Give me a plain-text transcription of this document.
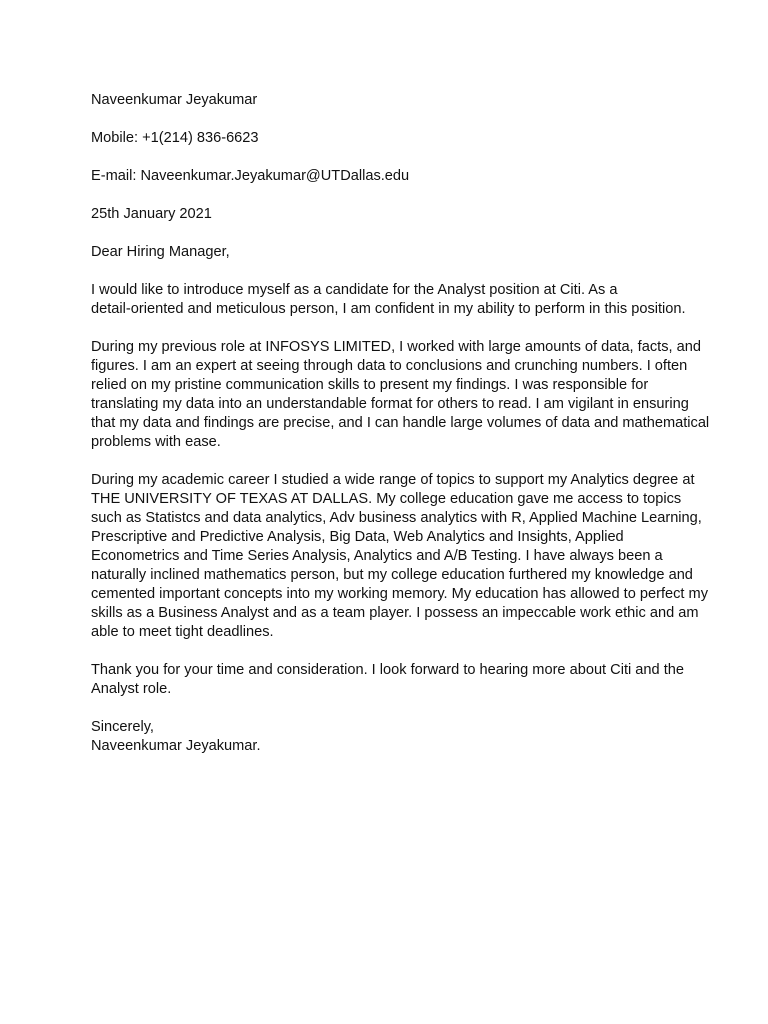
Naveenkumar Jeyakumar

Mobile: +1(214) 836-6623

E-mail: Naveenkumar.Jeyakumar@UTDallas.edu

25th January 2021

Dear Hiring Manager,

I would like to introduce myself as a candidate for the Analyst position at Citi. As a
detail-oriented and meticulous person, I am confident in my ability to perform in this position.

During my previous role at INFOSYS LIMITED, I worked with large amounts of data, facts, and
figures. I am an expert at seeing through data to conclusions and crunching numbers. I often
relied on my pristine communication skills to present my findings. I was responsible for
translating my data into an understandable format for others to read. I am vigilant in ensuring
that my data and findings are precise, and I can handle large volumes of data and mathematical
problems with ease.

During my academic career I studied a wide range of topics to support my Analytics degree at
THE UNIVERSITY OF TEXAS AT DALLAS. My college education gave me access to topics
such as Statistcs and data analytics, Adv business analytics with R, Applied Machine Learning,
Prescriptive and Predictive Analysis, Big Data, Web Analytics and Insights, Applied
Econometrics and Time Series Analysis, Analytics and A/B Testing. I have always been a
naturally inclined mathematics person, but my college education furthered my knowledge and
cemented important concepts into my working memory. My education has allowed to perfect my
skills as a Business Analyst and as a team player. I possess an impeccable work ethic and am
able to meet tight deadlines.

Thank you for your time and consideration. I look forward to hearing more about Citi and the
Analyst role.

Sincerely,
Naveenkumar Jeyakumar.
